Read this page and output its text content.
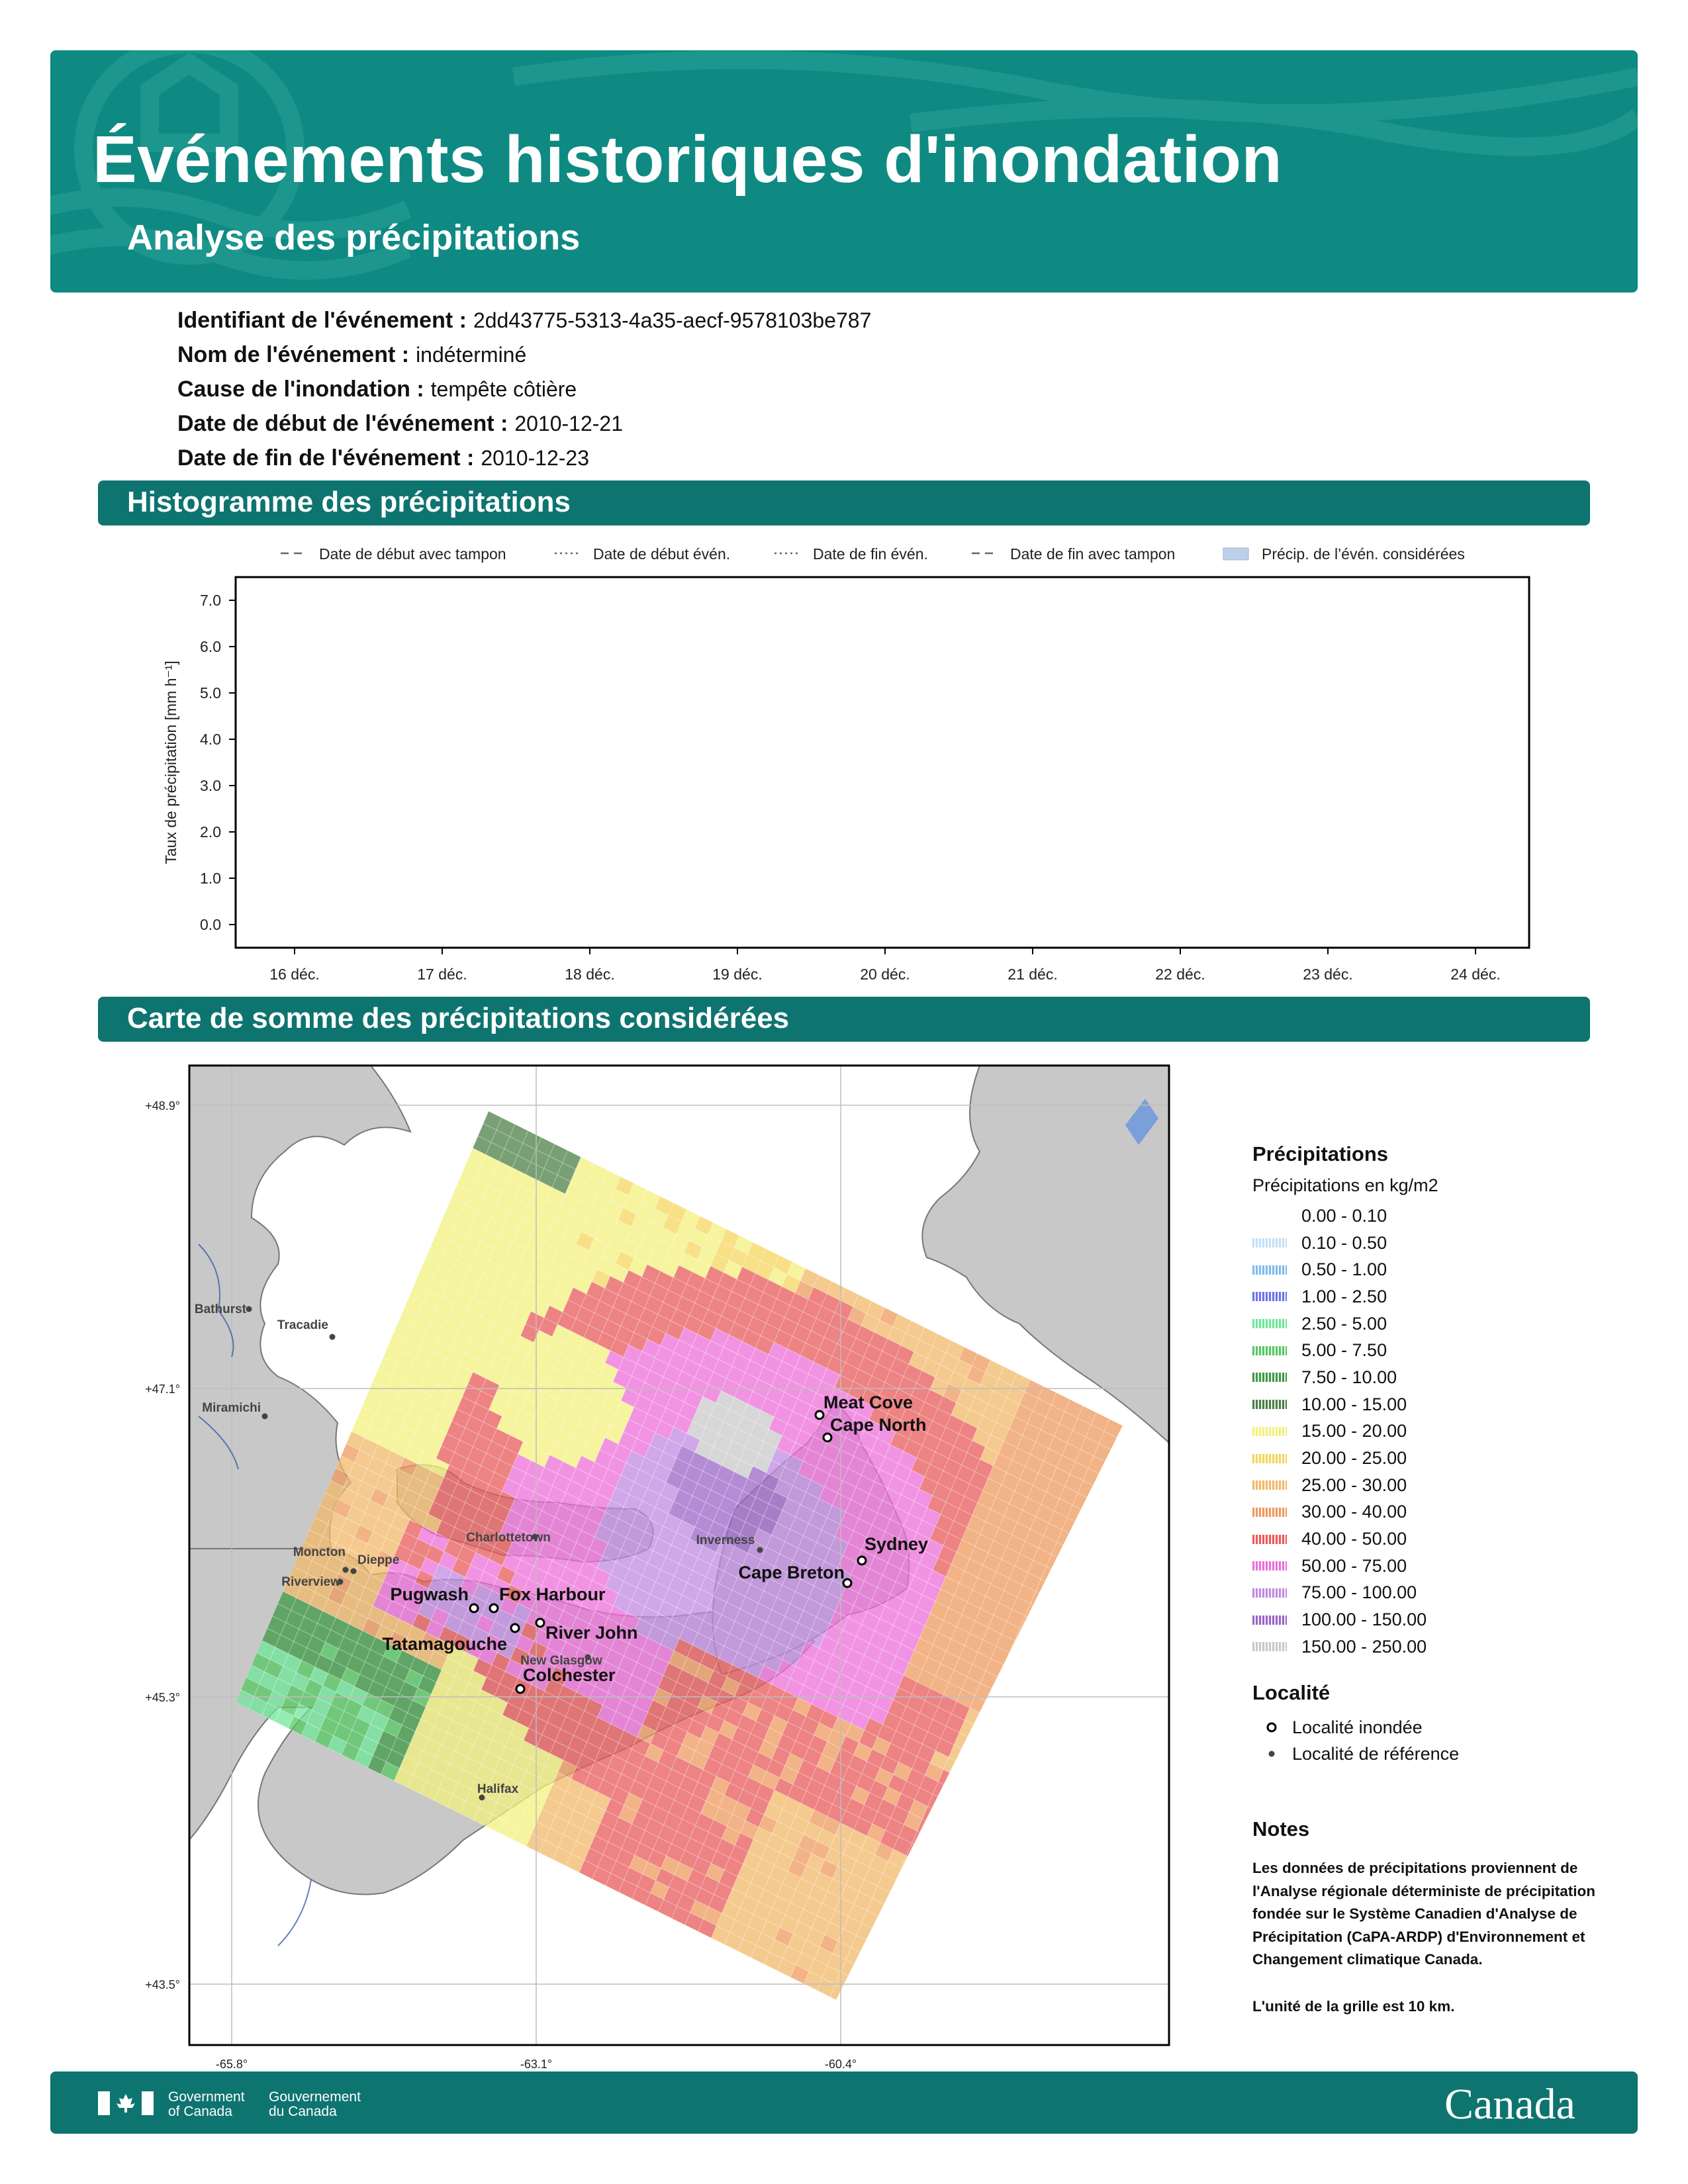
Événements historiques d'inondation
Analyse des précipitations
Identifiant de l'événement : 2dd43775-5313-4a35-aecf-9578103be787
Nom de l'événement : indéterminé
Cause de l'inondation : tempête côtière
Date de début de l'événement : 2010-12-21
Date de fin de l'événement : 2010-12-23
Histogramme des précipitations
Date de début avec tampon	Date de début évén.	Date de fin évén.	Date de fin avec tampon	Précip. de l’évén. considérées
0.0
1.0
2.0
3.0
4.0
5.0
6.0
7.0
16 déc.	17 déc.	18 déc.	19 déc.	20 déc.	21 déc.	22 déc.	23 déc.	24 déc.
Taux de précipitation [mm h⁻¹]
Carte de somme des précipitations considérées
+48.9°
+47.1°
+45.3°
+43.5°
-65.8°	-63.1°	-60.4°
Bathurst
Tracadie
Miramichi
Moncton
Dieppe
Riverview
Charlottetown	Inverness
New Glasgow
Halifax
Meat Cove
Cape North
Sydney
Cape Breton
Pugwash Fox Harbour
River John
Tatamagouche
Colchester
Précipitations
Précipitations en kg/m2
0.00 - 0.10
0.10 - 0.50
0.50 - 1.00
1.00 - 2.50
2.50 - 5.00
5.00 - 7.50
7.50 - 10.00
10.00 - 15.00
15.00 - 20.00
20.00 - 25.00
25.00 - 30.00
30.00 - 40.00
40.00 - 50.00
50.00 - 75.00
75.00 - 100.00
100.00 - 150.00
150.00 - 250.00
Localité
Localité inondée
Localité de référence
Notes

Les données de précipitations proviennent de l'Analyse régionale déterministe de précipitation fondée sur le Système Canadien d'Analyse de Précipitation (CaPA-ARDP) d'Environnement et Changement climatique Canada.

L'unité de la grille est 10 km.

Government
of Canada
Gouvernement
du Canada	Canada
